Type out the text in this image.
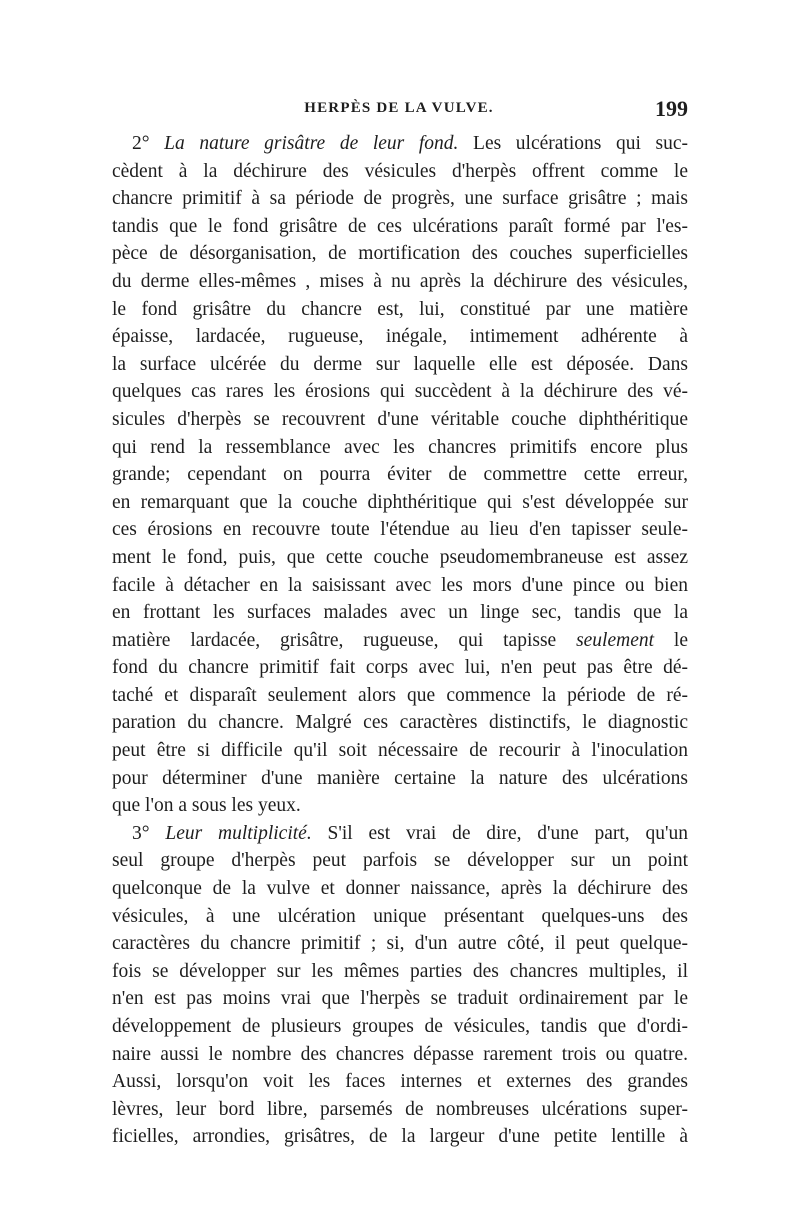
HERPÈS DE LA VULVE.	199
2° La nature grisâtre de leur fond. Les ulcérations qui suc-
cèdent à la déchirure des vésicules d'herpès offrent comme le
chancre primitif à sa période de progrès, une surface grisâtre ; mais
tandis que le fond grisâtre de ces ulcérations paraît formé par l'es-
pèce de désorganisation, de mortification des couches superficielles
du derme elles-mêmes , mises à nu après la déchirure des vésicules,
le fond grisâtre du chancre est, lui, constitué par une matière
épaisse, lardacée, rugueuse, inégale, intimement adhérente à
la surface ulcérée du derme sur laquelle elle est déposée. Dans
quelques cas rares les érosions qui succèdent à la déchirure des vé-
sicules d'herpès se recouvrent d'une véritable couche diphthéritique
qui rend la ressemblance avec les chancres primitifs encore plus
grande; cependant on pourra éviter de commettre cette erreur,
en remarquant que la couche diphthéritique qui s'est développée sur
ces érosions en recouvre toute l'étendue au lieu d'en tapisser seule-
ment le fond, puis, que cette couche pseudomembraneuse est assez
facile à détacher en la saisissant avec les mors d'une pince ou bien
en frottant les surfaces malades avec un linge sec, tandis que la
matière lardacée, grisâtre, rugueuse, qui tapisse seulement le
fond du chancre primitif fait corps avec lui, n'en peut pas être dé-
taché et disparaît seulement alors que commence la période de ré-
paration du chancre. Malgré ces caractères distinctifs, le diagnostic
peut être si difficile qu'il soit nécessaire de recourir à l'inoculation
pour déterminer d'une manière certaine la nature des ulcérations
que l'on a sous les yeux.
3° Leur multiplicité. S'il est vrai de dire, d'une part, qu'un
seul groupe d'herpès peut parfois se développer sur un point
quelconque de la vulve et donner naissance, après la déchirure des
vésicules, à une ulcération unique présentant quelques-uns des
caractères du chancre primitif ; si, d'un autre côté, il peut quelque-
fois se développer sur les mêmes parties des chancres multiples, il
n'en est pas moins vrai que l'herpès se traduit ordinairement par le
développement de plusieurs groupes de vésicules, tandis que d'ordi-
naire aussi le nombre des chancres dépasse rarement trois ou quatre.
Aussi, lorsqu'on voit les faces internes et externes des grandes
lèvres, leur bord libre, parsemés de nombreuses ulcérations super-
ficielles, arrondies, grisâtres, de la largeur d'une petite lentille à
